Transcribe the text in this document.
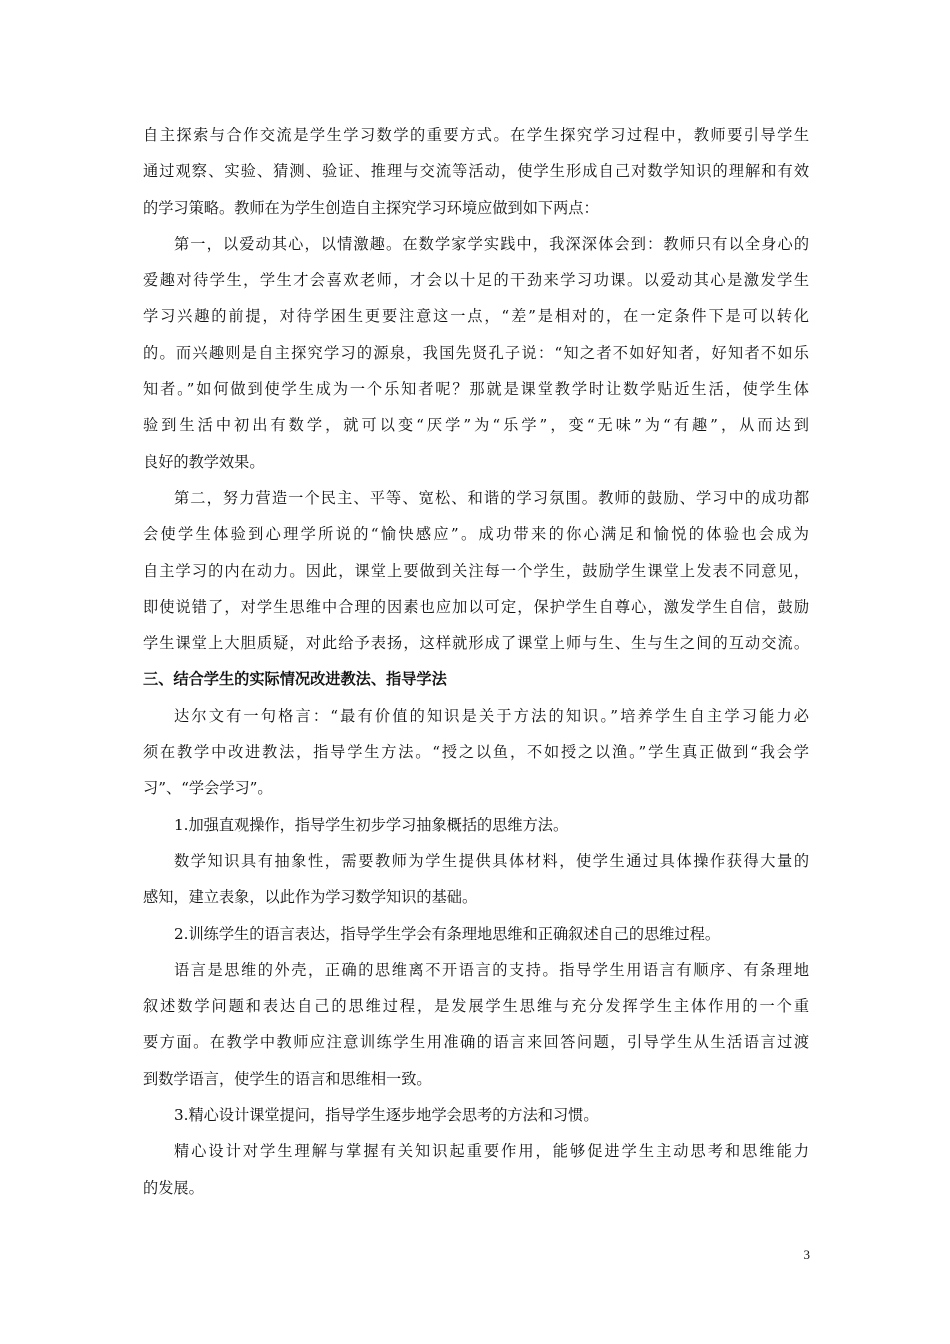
自主探索与合作交流是学生学习数学的重要方式。在学生探究学习过程中，教师要引导学生
通过观察、实验、猜测、验证、推理与交流等活动，使学生形成自己对数学知识的理解和有效
的学习策略。教师在为学生创造自主探究学习环境应做到如下两点：
第一，以爱动其心，以情激趣。在数学家学实践中，我深深体会到：教师只有以全身心的
爱趣对待学生，学生才会喜欢老师，才会以十足的干劲来学习功课。以爱动其心是激发学生
学习兴趣的前提，对待学困生更要注意这一点，“差”是相对的，在一定条件下是可以转化
的。而兴趣则是自主探究学习的源泉，我国先贤孔子说：“知之者不如好知者，好知者不如乐
知者。”如何做到使学生成为一个乐知者呢？那就是课堂教学时让数学贴近生活，使学生体
验到生活中初出有数学，就可以变“厌学”为“乐学”，变“无味”为“有趣”，从而达到
良好的教学效果。
第二，努力营造一个民主、平等、宽松、和谐的学习氛围。教师的鼓励、学习中的成功都
会使学生体验到心理学所说的“愉快感应”。成功带来的你心满足和愉悦的体验也会成为
自主学习的内在动力。因此，课堂上要做到关注每一个学生，鼓励学生课堂上发表不同意见，
即使说错了，对学生思维中合理的因素也应加以可定，保护学生自尊心，激发学生自信，鼓励
学生课堂上大胆质疑，对此给予表扬，这样就形成了课堂上师与生、生与生之间的互动交流。
三、结合学生的实际情况改进教法、指导学法
达尔文有一句格言：“最有价值的知识是关于方法的知识。”培养学生自主学习能力必
须在教学中改进教法，指导学生方法。“授之以鱼，不如授之以渔。”学生真正做到“我会学
习”、“学会学习”。
1.加强直观操作，指导学生初步学习抽象概括的思维方法。
数学知识具有抽象性，需要教师为学生提供具体材料，使学生通过具体操作获得大量的
感知，建立表象，以此作为学习数学知识的基础。
2.训练学生的语言表达，指导学生学会有条理地思维和正确叙述自己的思维过程。
语言是思维的外壳，正确的思维离不开语言的支持。指导学生用语言有顺序、有条理地
叙述数学问题和表达自己的思维过程，是发展学生思维与充分发挥学生主体作用的一个重
要方面。在教学中教师应注意训练学生用准确的语言来回答问题，引导学生从生活语言过渡
到数学语言，使学生的语言和思维相一致。
3.精心设计课堂提问，指导学生逐步地学会思考的方法和习惯。
精心设计对学生理解与掌握有关知识起重要作用，能够促进学生主动思考和思维能力
的发展。
3
